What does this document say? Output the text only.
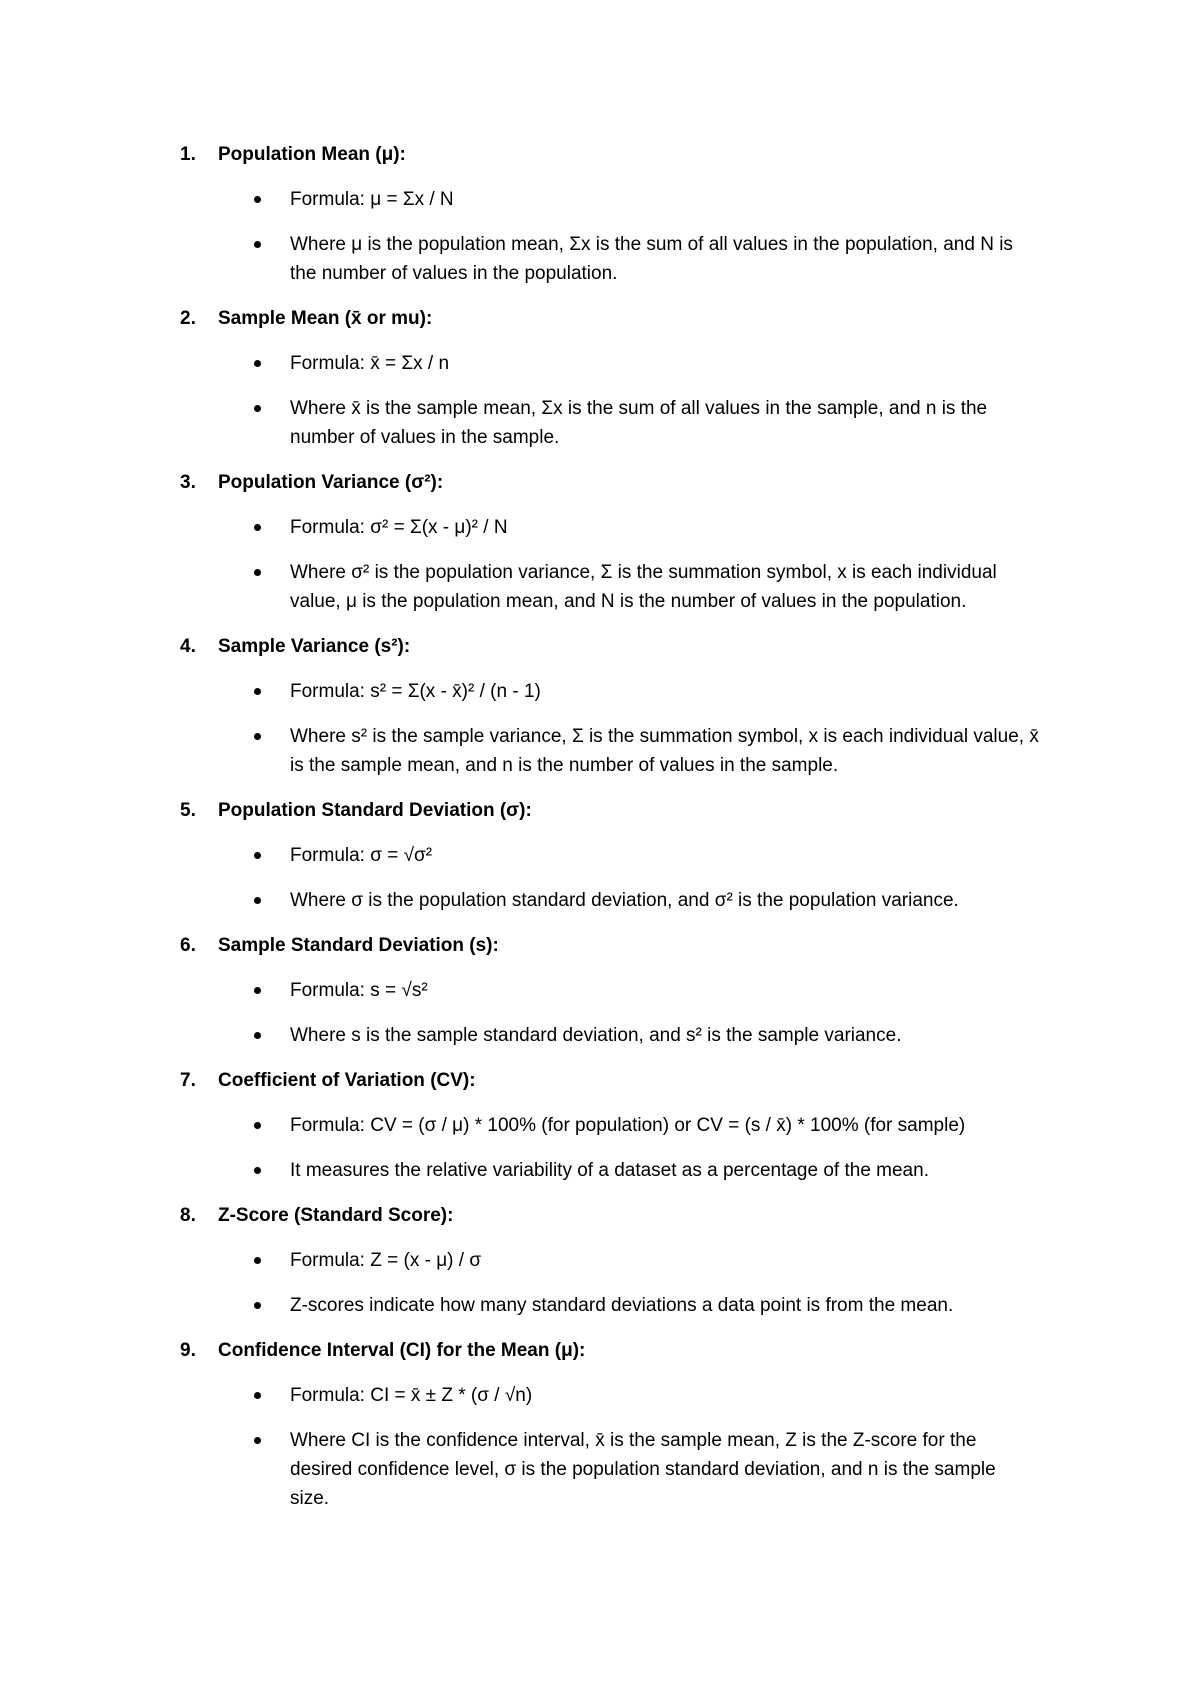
1. Population Mean (μ):
Formula: μ = Σx / N
Where μ is the population mean, Σx is the sum of all values in the population, and N is the number of values in the population.
2. Sample Mean (x̄ or mu):
Formula: x̄ = Σx / n
Where x̄ is the sample mean, Σx is the sum of all values in the sample, and n is the number of values in the sample.
3. Population Variance (σ²):
Formula: σ² = Σ(x - μ)² / N
Where σ² is the population variance, Σ is the summation symbol, x is each individual value, μ is the population mean, and N is the number of values in the population.
4. Sample Variance (s²):
Formula: s² = Σ(x - x̄)² / (n - 1)
Where s² is the sample variance, Σ is the summation symbol, x is each individual value, x̄ is the sample mean, and n is the number of values in the sample.
5. Population Standard Deviation (σ):
Formula: σ = √σ²
Where σ is the population standard deviation, and σ² is the population variance.
6. Sample Standard Deviation (s):
Formula: s = √s²
Where s is the sample standard deviation, and s² is the sample variance.
7. Coefficient of Variation (CV):
Formula: CV = (σ / μ) * 100% (for population) or CV = (s / x̄) * 100% (for sample)
It measures the relative variability of a dataset as a percentage of the mean.
8. Z-Score (Standard Score):
Formula: Z = (x - μ) / σ
Z-scores indicate how many standard deviations a data point is from the mean.
9. Confidence Interval (CI) for the Mean (μ):
Formula: CI = x̄ ± Z * (σ / √n)
Where CI is the confidence interval, x̄ is the sample mean, Z is the Z-score for the desired confidence level, σ is the population standard deviation, and n is the sample size.
